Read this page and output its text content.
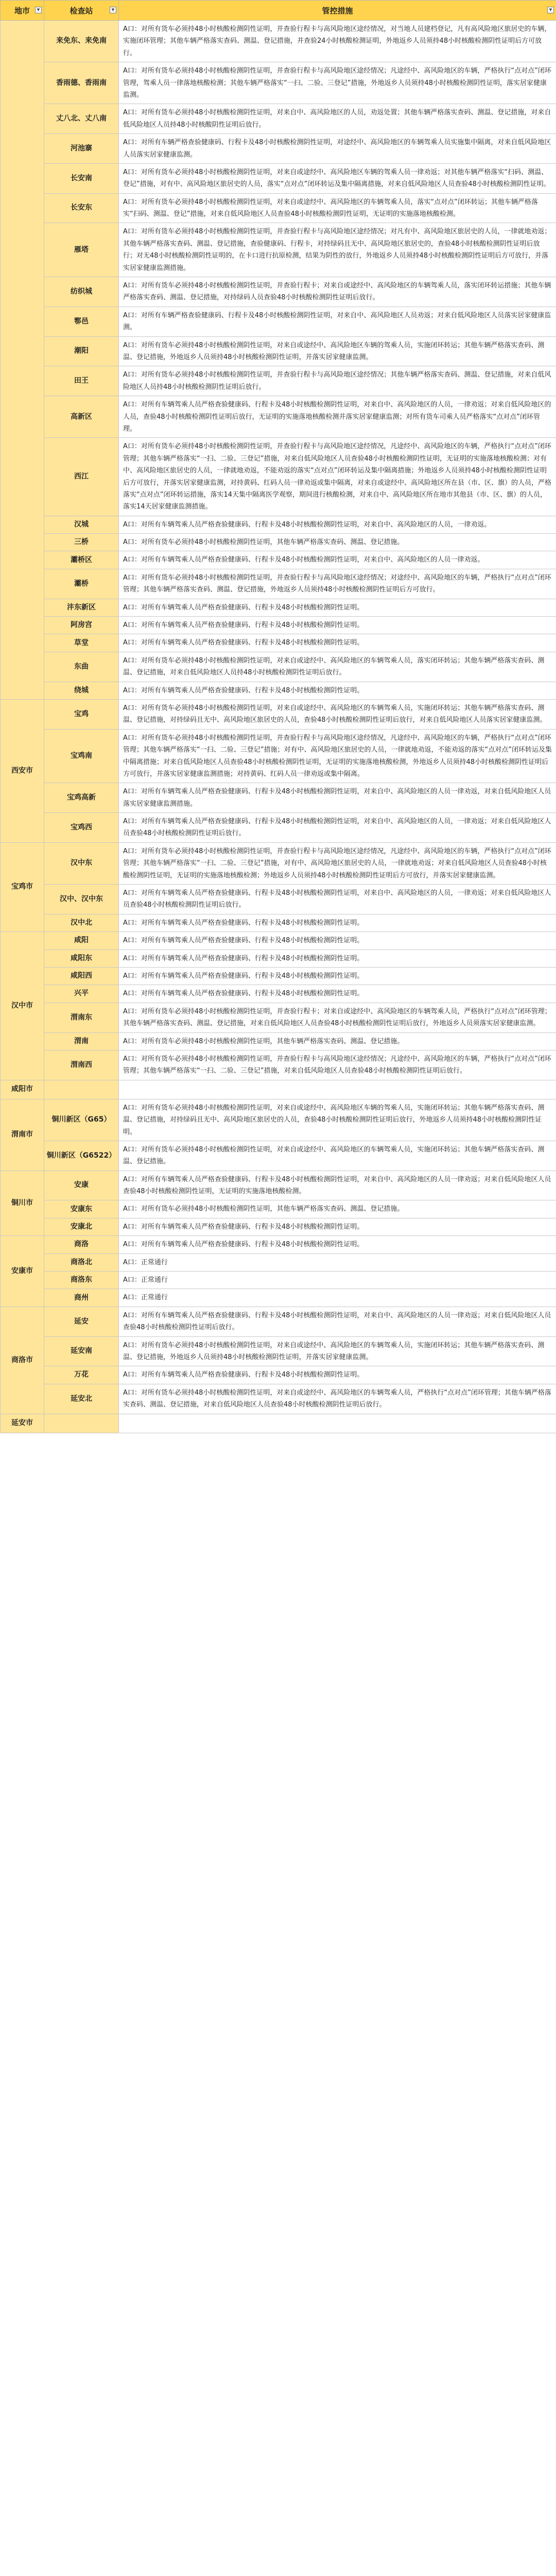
地市 ▼	检查站 ▼	管控措施 ▼

	来免东、来免南	A口：对所有货车必须持48小时核酸检测阴性证明，并查验行程卡与高风险地区途经情况，对当地人员建档登记，凡有高风险地区旅居史的车辆，实施闭环管理；其他车辆严格落实查码、测温、登记措施，并查验24小时核酸检测证明，外地返乡人员须持48小时核酸检测阴性证明后方可放行。
	香雨德、香雨南	A口：对所有货车必须持48小时核酸检测阴性证明，并查验行程卡与高风险地区途经情况；凡途经中、高风险地区的车辆，严格执行“点对点”闭环管理，驾乘人员一律落地核酸检测；其他车辆严格落实“一扫、二验、三登记”措施，外地返乡人员须持48小时核酸检测阴性证明，落实居家健康监测。
	丈八北、丈八南	A口：对所有货车必须持48小时核酸检测阴性证明，对来自中、高风险地区的人员，劝返处置；其他车辆严格落实查码、测温、登记措施，对来自低风险地区人员持48小时核酸阴性证明后放行。
	河池寨	A口：对所有车辆严格查验健康码、行程卡及48小时核酸检测阴性证明，对途经中、高风险地区的车辆驾乘人员实施集中隔离，对来自低风险地区人员落实居家健康监测。
	长安南	A口：对所有货车必须持48小时核酸检测阴性证明，对来自或途经中、高风险地区车辆的驾乘人员一律劝返；对其他车辆严格落实“扫码、测温、登记”措施，对有中、高风险地区旅居史的人员，落实“点对点”闭环转运及集中隔离措施，对来自低风险地区人员查验48小时核酸检测阴性证明。
	长安东	A口：对所有货车必须持48小时核酸检测阴性证明，对来自或途经中、高风险地区的车辆驾乘人员，落实“点对点”闭环转运；其他车辆严格落实“扫码、测温、登记”措施，对来自低风险地区人员查验48小时核酸检测阴性证明，无证明的实施落地核酸检测。
	雁塔	A口：对所有货车必须持48小时核酸检测阴性证明，并查验行程卡与高风险地区途经情况；对凡有中、高风险地区旅居史的人员，一律就地劝返；其他车辆严格落实查码、测温、登记措施，查验健康码、行程卡，对持绿码且无中、高风险地区旅居史的，查验48小时核酸检测阴性证明后放行；对无48小时核酸检测阴性证明的，在卡口进行抗原检测，结果为阴性的放行，外地返乡人员须持48小时核酸检测阴性证明后方可放行，并落实居家健康监测措施。
	纺织城	A口：对所有货车必须持48小时核酸检测阴性证明，并查验行程卡；对来自或途经中、高风险地区的车辆驾乘人员，落实闭环转运措施；其他车辆严格落实查码、测温、登记措施，对持绿码人员查验48小时核酸检测阴性证明后放行。
	鄠邑	A口：对所有车辆严格查验健康码、行程卡及48小时核酸检测阴性证明，对来自中、高风险地区人员劝返；对来自低风险地区人员落实居家健康监测。
	潮阳	A口：对所有货车必须持48小时核酸检测阴性证明，对来自或途经中、高风险地区车辆的驾乘人员，实施闭环转运；其他车辆严格落实查码、测温、登记措施，外地返乡人员须持48小时核酸检测阴性证明，并落实居家健康监测。
	田王	A口：对所有货车必须持48小时核酸检测阴性证明，并查验行程卡与高风险地区途经情况；其他车辆严格落实查码、测温、登记措施，对来自低风险地区人员持48小时核酸检测阴性证明后放行。
	高新区	A口：对所有车辆驾乘人员严格查验健康码、行程卡及48小时核酸检测阴性证明，对来自中、高风险地区的人员，一律劝返；对来自低风险地区的人员，查验48小时核酸检测阴性证明后放行，无证明的实施落地核酸检测并落实居家健康监测；对所有货车司乘人员严格落实“点对点”闭环管理。
	西江	A口：对所有货车必须持48小时核酸检测阴性证明，并查验行程卡与高风险地区途经情况，凡途经中、高风险地区的车辆，严格执行“点对点”闭环管理；其他车辆严格落实“一扫、二验、三登记”措施，对来自低风险地区人员查验48小时核酸检测阴性证明，无证明的实施落地核酸检测；对有中、高风险地区旅居史的人员，一律就地劝返，不能劝返的落实“点对点”闭环转运及集中隔离措施；外地返乡人员须持48小时核酸检测阴性证明后方可放行，并落实居家健康监测，对持黄码、红码人员一律劝返或集中隔离，对来自或途经中、高风险地区所在县（市、区、旗）的人员，严格落实“点对点”闭环转运措施，落实14天集中隔离医学观察，期间进行核酸检测，对来自中、高风险地区所在地市其他县（市、区、旗）的人员，落实14天居家健康监测措施。
	汉城	A口：对所有车辆驾乘人员严格查验健康码、行程卡及48小时核酸检测阴性证明，对来自中、高风险地区的人员，一律劝返。
	三桥	A口：对所有货车必须持48小时核酸检测阴性证明，其他车辆严格落实查码、测温、登记措施。
	灞桥区	A口：对所有车辆驾乘人员严格查验健康码、行程卡及48小时核酸检测阴性证明，对来自中、高风险地区的人员一律劝返。
	灞桥	A口：对所有货车必须持48小时核酸检测阴性证明，并查验行程卡与高风险地区途经情况；对途经中、高风险地区的车辆，严格执行“点对点”闭环管理；其他车辆严格落实查码、测温、登记措施，外地返乡人员须持48小时核酸检测阴性证明后方可放行。
	沣东新区	A口：对所有车辆驾乘人员严格查验健康码、行程卡及48小时核酸检测阴性证明。
	阿房宫	A口：对所有车辆驾乘人员严格查验健康码、行程卡及48小时核酸检测阴性证明。
	草堂	A口：对所有车辆驾乘人员严格查验健康码、行程卡及48小时核酸检测阴性证明。
	东曲	A口：对所有货车必须持48小时核酸检测阴性证明，对来自或途经中、高风险地区的车辆驾乘人员，落实闭环转运；其他车辆严格落实查码、测温、登记措施，对来自低风险地区人员持48小时核酸检测阴性证明后放行。
	绕城	A口：对所有车辆驾乘人员严格查验健康码、行程卡及48小时核酸检测阴性证明。
西安市	宝鸡	A口：对所有货车必须持48小时核酸检测阴性证明，对来自或途经中、高风险地区的车辆驾乘人员，实施闭环转运；其他车辆严格落实查码、测温、登记措施，对持绿码且无中、高风险地区旅居史的人员，查验48小时核酸检测阴性证明后放行，对来自低风险地区人员落实居家健康监测。
	宝鸡南	A口：对所有货车必须持48小时核酸检测阴性证明，并查验行程卡与高风险地区途经情况，凡途经中、高风险地区的车辆，严格执行“点对点”闭环管理；其他车辆严格落实“一扫、二验、三登记”措施；对有中、高风险地区旅居史的人员，一律就地劝返，不能劝返的落实“点对点”闭环转运及集中隔离措施；对来自低风险地区人员查验48小时核酸检测阴性证明，无证明的实施落地核酸检测，外地返乡人员须持48小时核酸检测阴性证明后方可放行，并落实居家健康监测措施；对持黄码、红码人员一律劝返或集中隔离。
	宝鸡高新	A口：对所有车辆驾乘人员严格查验健康码、行程卡及48小时核酸检测阴性证明，对来自中、高风险地区的人员一律劝返，对来自低风险地区人员落实居家健康监测措施。
	宝鸡西	A口：对所有车辆驾乘人员严格查验健康码、行程卡及48小时核酸检测阴性证明，对来自中、高风险地区的人员，一律劝返；对来自低风险地区人员查验48小时核酸检测阴性证明后放行。
宝鸡市	汉中东	A口：对所有货车必须持48小时核酸检测阴性证明，并查验行程卡与高风险地区途经情况，凡途经中、高风险地区的车辆，严格执行“点对点”闭环管理；其他车辆严格落实“一扫、二验、三登记”措施，对有中、高风险地区旅居史的人员，一律就地劝返；对来自低风险地区人员查验48小时核酸检测阴性证明，无证明的实施落地核酸检测；外地返乡人员须持48小时核酸检测阴性证明后方可放行，并落实居家健康监测。
	汉中、汉中东	A口：对所有车辆驾乘人员严格查验健康码、行程卡及48小时核酸检测阴性证明，对来自中、高风险地区的人员，一律劝返；对来自低风险地区人员查验48小时核酸检测阴性证明后放行。
	汉中北	A口：对所有车辆驾乘人员严格查验健康码、行程卡及48小时核酸检测阴性证明。
汉中市	咸阳	A口：对所有车辆驾乘人员严格查验健康码、行程卡及48小时核酸检测阴性证明。
	咸阳东	A口：对所有车辆驾乘人员严格查验健康码、行程卡及48小时核酸检测阴性证明。
	咸阳西	A口：对所有车辆驾乘人员严格查验健康码、行程卡及48小时核酸检测阴性证明。
	兴平	A口：对所有车辆驾乘人员严格查验健康码、行程卡及48小时核酸检测阴性证明。
	渭南东	A口：对所有货车必须持48小时核酸检测阴性证明，并查验行程卡；对来自或途经中、高风险地区的车辆驾乘人员，严格执行“点对点”闭环管理；其他车辆严格落实查码、测温、登记措施，对来自低风险地区人员查验48小时核酸检测阴性证明后放行，外地返乡人员须落实居家健康监测。
	渭南	A口：对所有货车必须持48小时核酸检测阴性证明，其他车辆严格落实查码、测温、登记措施。
	渭南西	A口：对所有货车必须持48小时核酸检测阴性证明，并查验行程卡与高风险地区途经情况；凡途经中、高风险地区的车辆，严格执行“点对点”闭环管理；其他车辆严格落实“一扫、二验、三登记”措施，对来自低风险地区人员查验48小时核酸检测阴性证明后放行。
咸阳市		
渭南市	铜川新区（G65）	A口：对所有货车必须持48小时核酸检测阴性证明，对来自或途经中、高风险地区车辆的驾乘人员，实施闭环转运；其他车辆严格落实查码、测温、登记措施，对持绿码且无中、高风险地区旅居史的人员，查验48小时核酸检测阴性证明后放行，外地返乡人员须持48小时核酸检测阴性证明。
	铜川新区（G6522）	A口：对所有货车必须持48小时核酸检测阴性证明，对来自或途经中、高风险地区的车辆驾乘人员，实施闭环转运；其他车辆严格落实查码、测温、登记措施。
铜川市	安康	A口：对所有车辆驾乘人员严格查验健康码、行程卡及48小时核酸检测阴性证明，对来自中、高风险地区的人员一律劝返；对来自低风险地区人员查验48小时核酸检测阴性证明，无证明的实施落地核酸检测。
	安康东	A口：对所有货车必须持48小时核酸检测阴性证明，其他车辆严格落实查码、测温、登记措施。
	安康北	A口：对所有车辆驾乘人员严格查验健康码、行程卡及48小时核酸检测阴性证明。
安康市	商洛	A口：对所有车辆驾乘人员严格查验健康码、行程卡及48小时核酸检测阴性证明。
	商洛北	A口：正常通行
	商洛东	A口：正常通行
	商州	A口：正常通行
商洛市	延安	A口：对所有车辆驾乘人员严格查验健康码、行程卡及48小时核酸检测阴性证明，对来自中、高风险地区的人员一律劝返；对来自低风险地区人员查验48小时核酸检测阴性证明后放行。
	延安南	A口：对所有货车必须持48小时核酸检测阴性证明，对来自或途经中、高风险地区的车辆驾乘人员，实施闭环转运；其他车辆严格落实查码、测温、登记措施，外地返乡人员须持48小时核酸检测阴性证明，并落实居家健康监测。
	万花	A口：对所有车辆驾乘人员严格查验健康码、行程卡及48小时核酸检测阴性证明。
	延安北	A口：对所有货车必须持48小时核酸检测阴性证明，对来自或途经中、高风险地区的车辆驾乘人员，严格执行“点对点”闭环管理；其他车辆严格落实查码、测温、登记措施，对来自低风险地区人员查验48小时核酸检测阴性证明后放行。
延安市		
